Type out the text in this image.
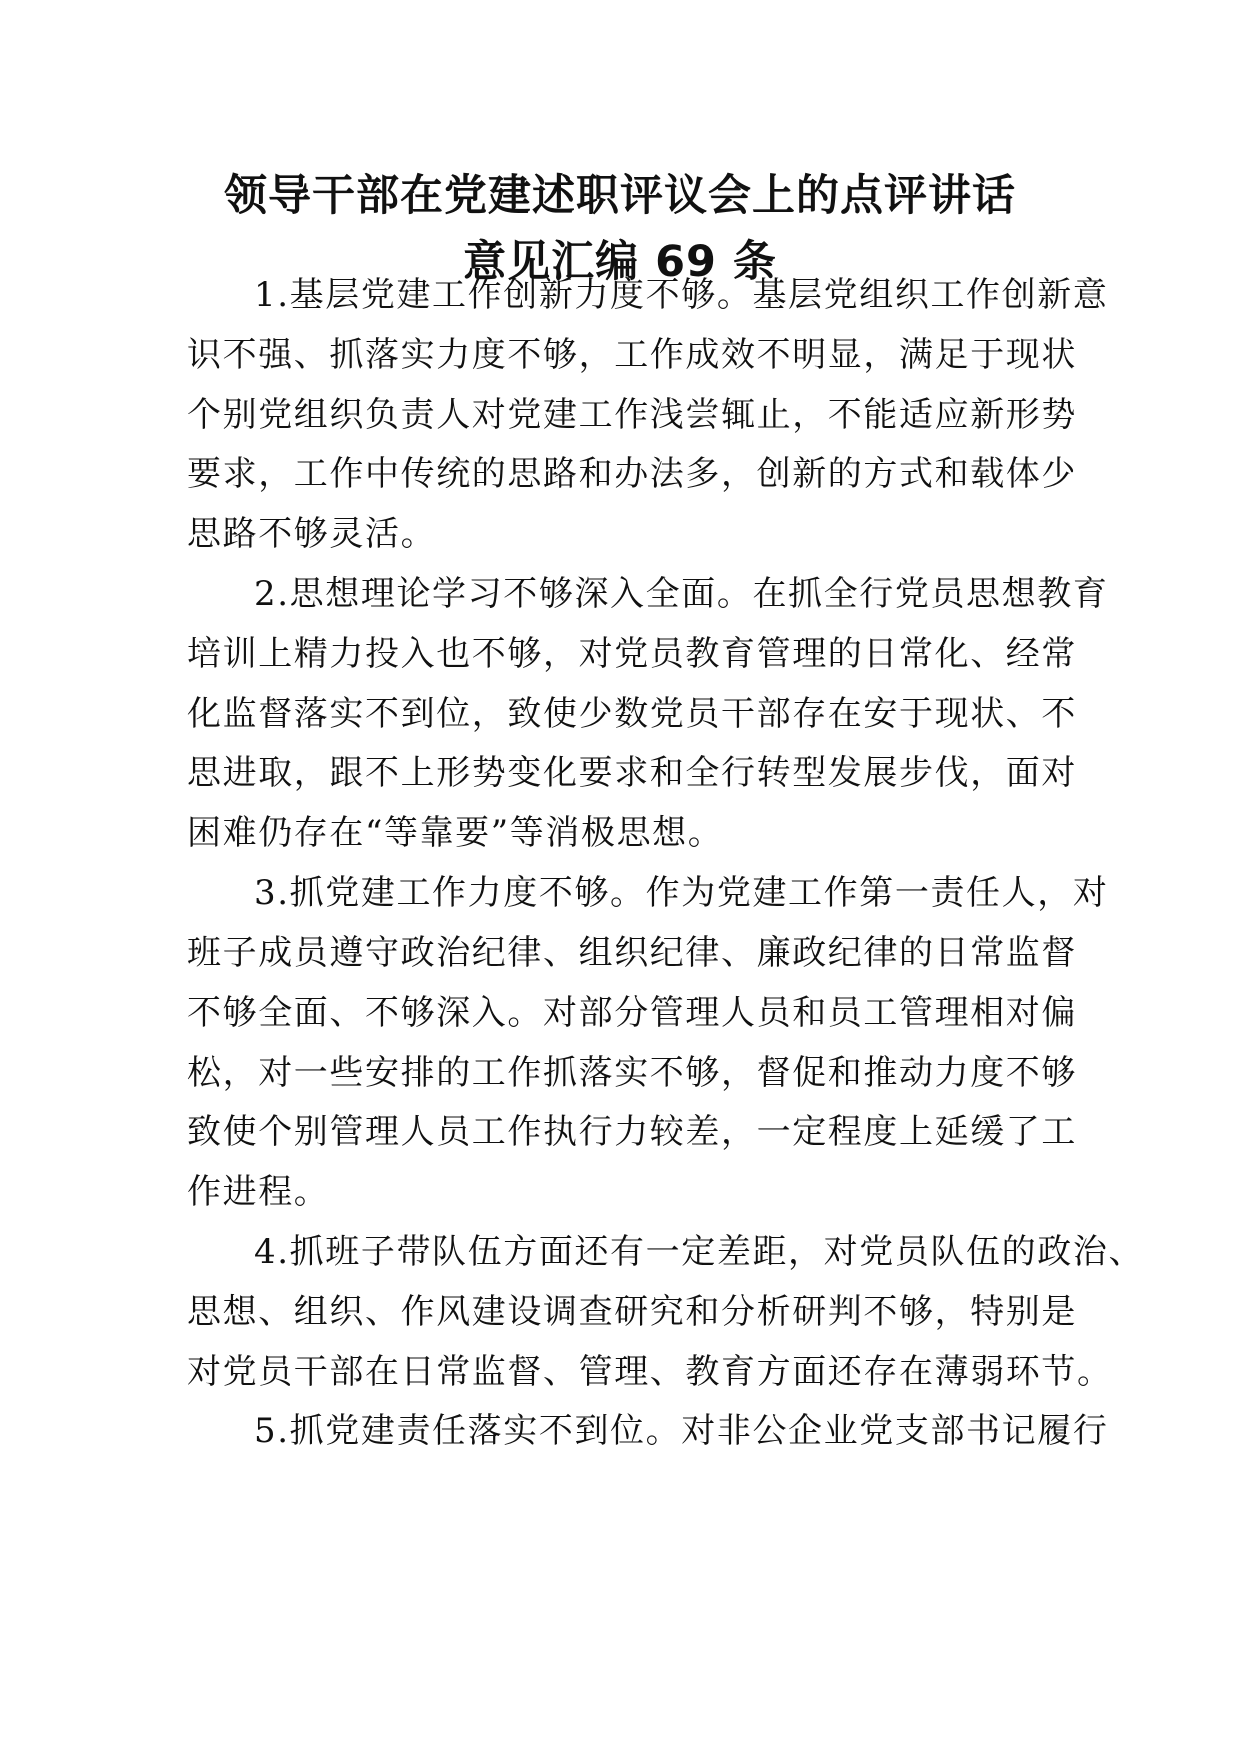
领导干部在党建述职评议会上的点评讲话
意见汇编 69 条
1.基层党建工作创新力度不够。基层党组织工作创新意
识不强、抓落实力度不够，工作成效不明显，满足于现状
个别党组织负责人对党建工作浅尝辄止，不能适应新形势
要求，工作中传统的思路和办法多，创新的方式和载体少
思路不够灵活。
2.思想理论学习不够深入全面。在抓全行党员思想教育
培训上精力投入也不够，对党员教育管理的日常化、经常
化监督落实不到位，致使少数党员干部存在安于现状、不
思进取，跟不上形势变化要求和全行转型发展步伐，面对
困难仍存在“等靠要”等消极思想。
3.抓党建工作力度不够。作为党建工作第一责任人，对
班子成员遵守政治纪律、组织纪律、廉政纪律的日常监督
不够全面、不够深入。对部分管理人员和员工管理相对偏
松，对一些安排的工作抓落实不够，督促和推动力度不够
致使个别管理人员工作执行力较差，一定程度上延缓了工
作进程。
4.抓班子带队伍方面还有一定差距，对党员队伍的政治、
思想、组织、作风建设调查研究和分析研判不够，特别是
对党员干部在日常监督、管理、教育方面还存在薄弱环节。
5.抓党建责任落实不到位。对非公企业党支部书记履行
